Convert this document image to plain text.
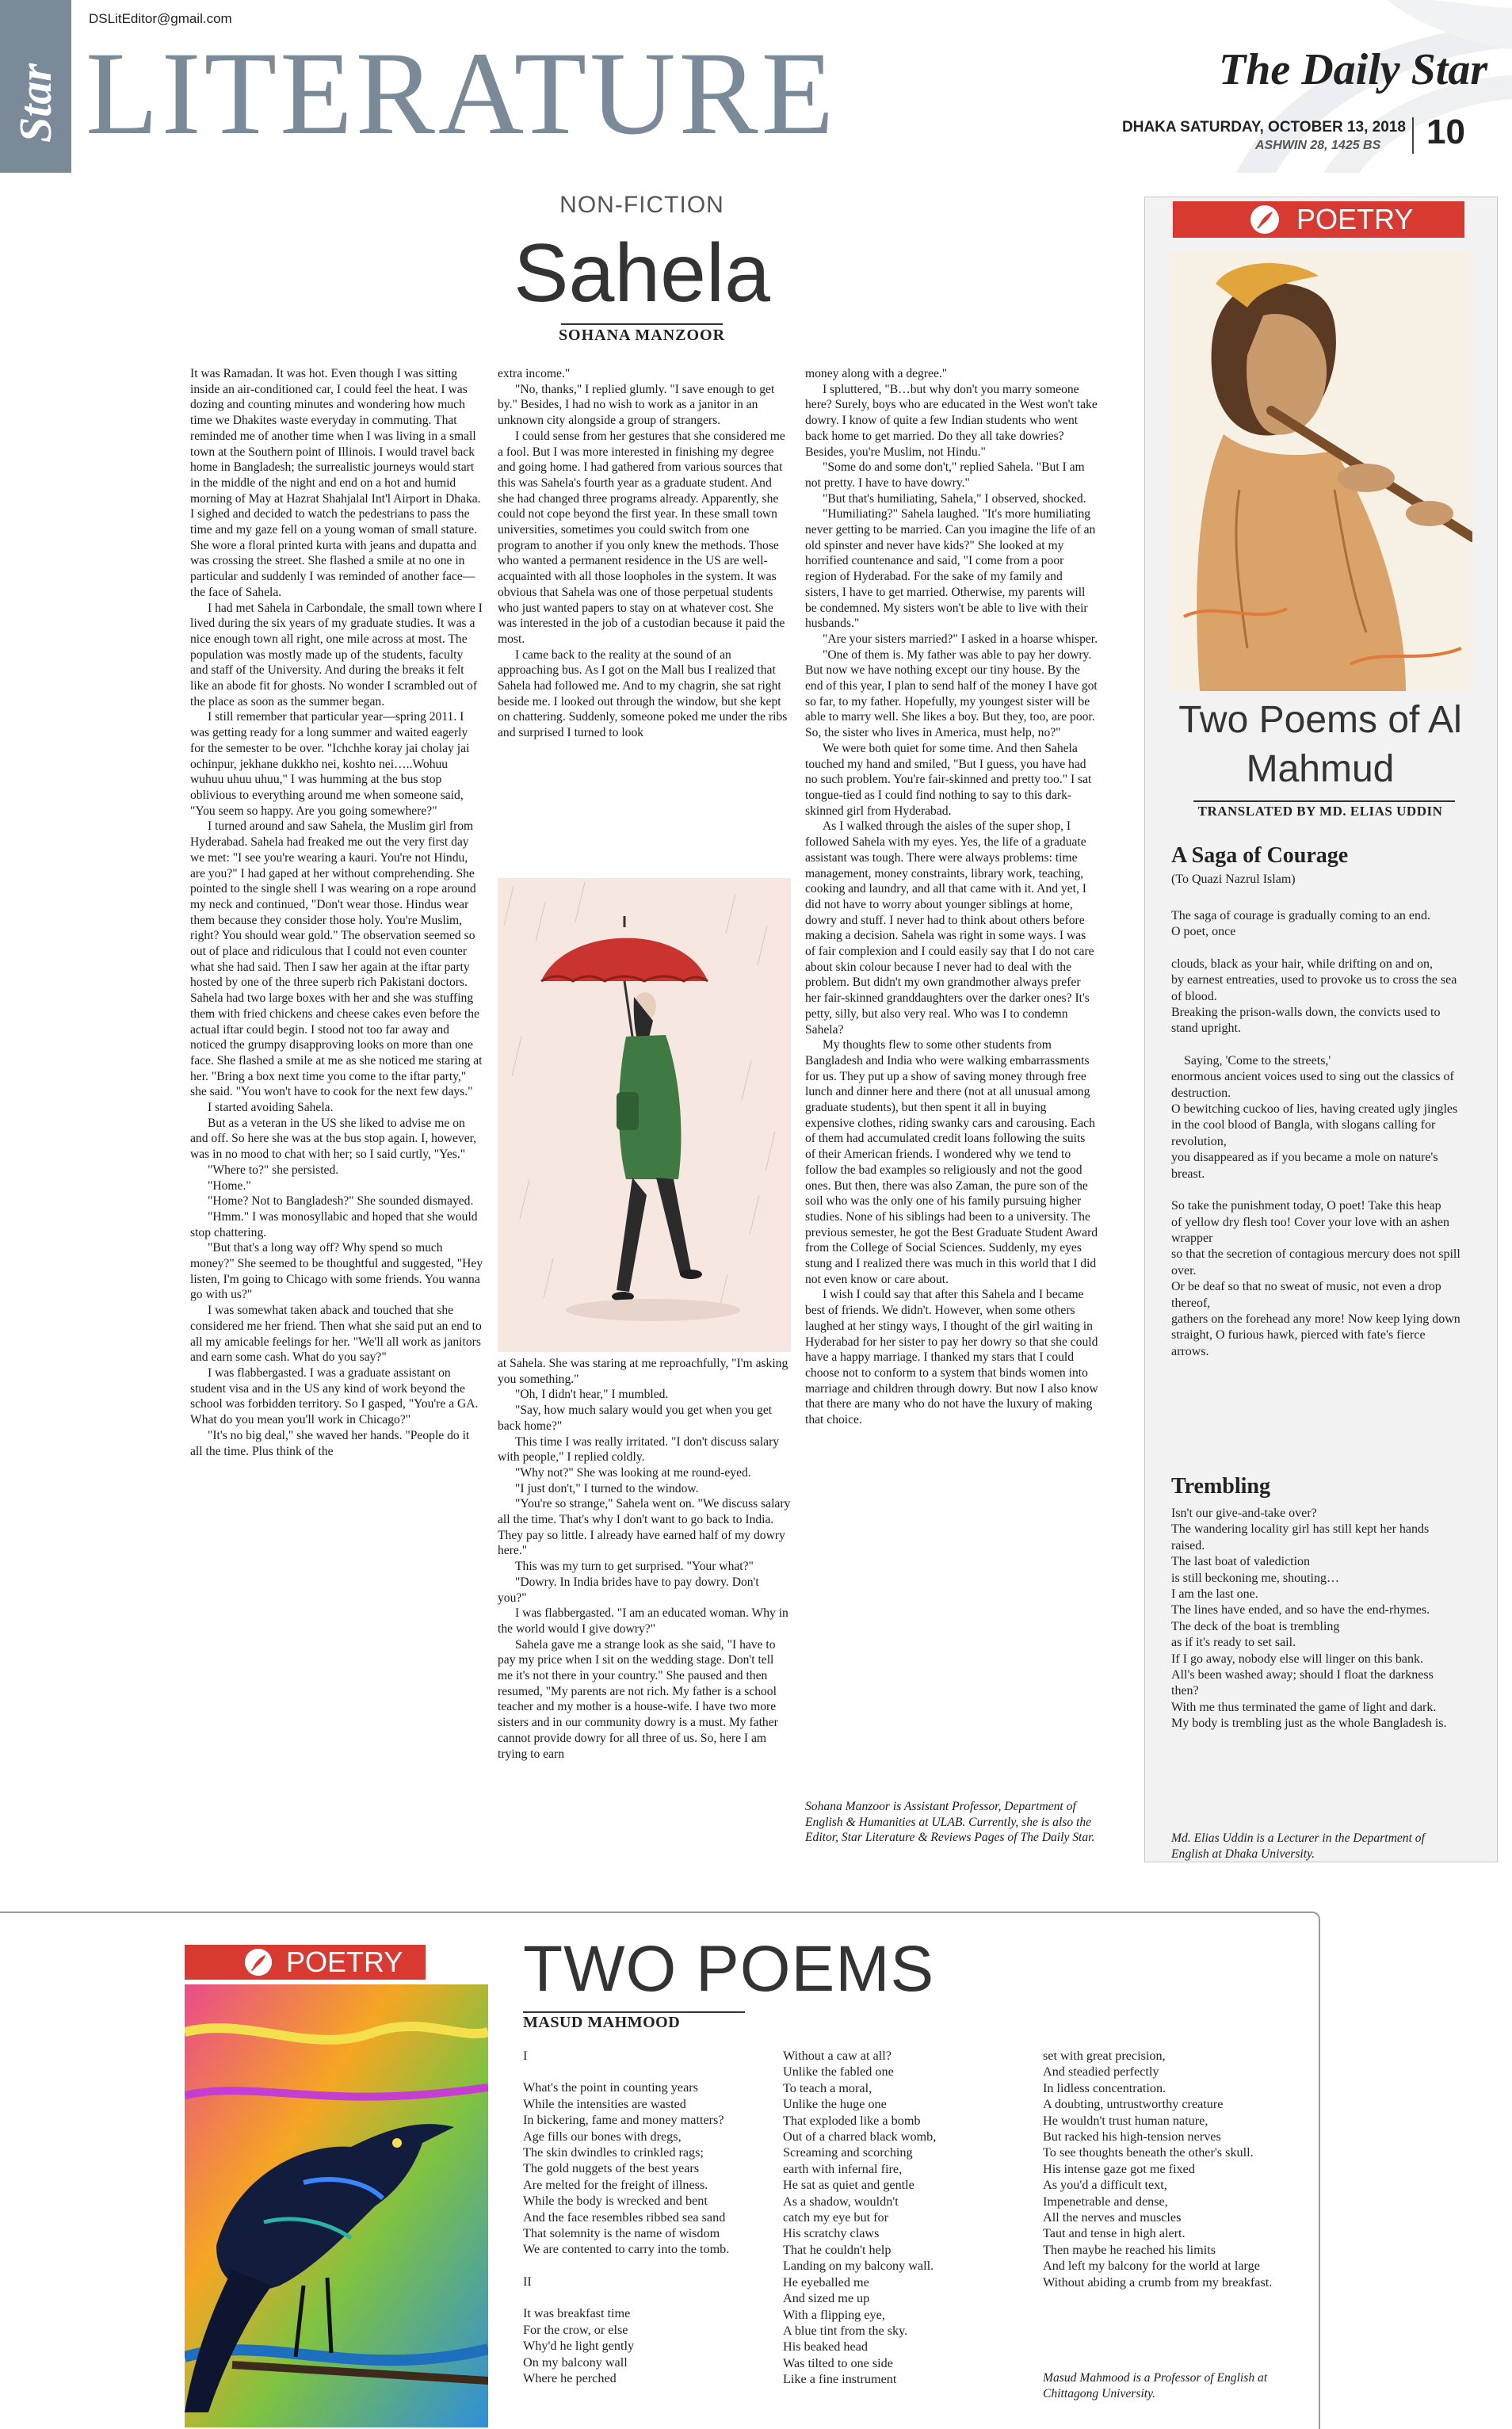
Star
DSLitEditor@gmail.com
LITERATURE	The Daily Star
DHAKA SATURDAY, OCTOBER 13, 2018
ASHWIN 28, 1425 BS 10
NON-FICTION
Sahela
SOHANA MANZOOR

It was Ramadan. It was hot. Even though I was sitting inside an air-conditioned car, I could feel the heat. I was dozing and counting minutes and wondering how much time we Dhakites waste everyday in commuting. That reminded me of another time when I was living in a small town at the Southern point of Illinois. I would travel back home in Bangladesh; the surrealistic journeys would start in the middle of the night and end on a hot and humid morning of May at Hazrat Shahjalal Int'l Airport in Dhaka. I sighed and decided to watch the pedestrians to pass the time and my gaze fell on a young woman of small stature. She wore a floral printed kurta with jeans and dupatta and was crossing the street. She flashed a smile at no one in particular and suddenly I was reminded of another face—the face of Sahela.

I had met Sahela in Carbondale, the small town where I lived during the six years of my graduate studies. It was a nice enough town all right, one mile across at most. The population was mostly made up of the students, faculty and staff of the University. And during the breaks it felt like an abode fit for ghosts. No wonder I scrambled out of the place as soon as the summer began.

I still remember that particular year—spring 2011. I was getting ready for a long summer and waited eagerly for the semester to be over. "Ichchhe koray jai cholay jai ochinpur, jekhane dukkho nei, koshto nei…..Wohuu wuhuu uhuu uhuu," I was humming at the bus stop oblivious to everything around me when someone said, "You seem so happy. Are you going somewhere?"

I turned around and saw Sahela, the Muslim girl from Hyderabad. Sahela had freaked me out the very first day we met: "I see you're wearing a kauri. You're not Hindu, are you?" I had gaped at her without comprehending. She pointed to the single shell I was wearing on a rope around my neck and continued, "Don't wear those. Hindus wear them because they consider those holy. You're Muslim, right? You should wear gold." The observation seemed so out of place and ridiculous that I could not even counter what she had said. Then I saw her again at the iftar party hosted by one of the three superb rich Pakistani doctors. Sahela had two large boxes with her and she was stuffing them with fried chickens and cheese cakes even before the actual iftar could begin. I stood not too far away and noticed the grumpy disapproving looks on more than one face. She flashed a smile at me as she noticed me staring at her. "Bring a box next time you come to the iftar party," she said. "You won't have to cook for the next few days."

I started avoiding Sahela.

But as a veteran in the US she liked to advise me on and off. So here she was at the bus stop again. I, however, was in no mood to chat with her; so I said curtly, "Yes."

"Where to?" she persisted.

"Home."

"Home? Not to Bangladesh?" She sounded dismayed.

"Hmm." I was monosyllabic and hoped that she would stop chattering.

"But that's a long way off? Why spend so much money?" She seemed to be thoughtful and suggested, "Hey listen, I'm going to Chicago with some friends. You wanna go with us?"

I was somewhat taken aback and touched that she considered me her friend. Then what she said put an end to all my amicable feelings for her. "We'll all work as janitors and earn some cash. What do you say?"

I was flabbergasted. I was a graduate assistant on student visa and in the US any kind of work beyond the school was forbidden territory. So I gasped, "You're a GA. What do you mean you'll work in Chicago?"

"It's no big deal," she waved her hands. "People do it all the time. Plus think of the

extra income."

"No, thanks," I replied glumly. "I save enough to get by." Besides, I had no wish to work as a janitor in an unknown city alongside a group of strangers.

I could sense from her gestures that she considered me a fool. But I was more interested in finishing my degree and going home. I had gathered from various sources that this was Sahela's fourth year as a graduate student. And she had changed three programs already. Apparently, she could not cope beyond the first year. In these small town universities, sometimes you could switch from one program to another if you only knew the methods. Those who wanted a permanent residence in the US are well-acquainted with all those loopholes in the system. It was obvious that Sahela was one of those perpetual students who just wanted papers to stay on at whatever cost. She was interested in the job of a custodian because it paid the most.

I came back to the reality at the sound of an approaching bus. As I got on the Mall bus I realized that Sahela had followed me. And to my chagrin, she sat right beside me. I looked out through the window, but she kept on chattering. Suddenly, someone poked me under the ribs and surprised I turned to look

at Sahela. She was staring at me reproachfully, "I'm asking you something."

"Oh, I didn't hear," I mumbled.

"Say, how much salary would you get when you get back home?"

This time I was really irritated. "I don't discuss salary with people," I replied coldly.

"Why not?" She was looking at me round-eyed.

"I just don't," I turned to the window.

"You're so strange," Sahela went on. "We discuss salary all the time. That's why I don't want to go back to India. They pay so little. I already have earned half of my dowry here."

This was my turn to get surprised. "Your what?"

"Dowry. In India brides have to pay dowry. Don't you?"

I was flabbergasted. "I am an educated woman. Why in the world would I give dowry?"

Sahela gave me a strange look as she said, "I have to pay my price when I sit on the wedding stage. Don't tell me it's not there in your country." She paused and then resumed, "My parents are not rich. My father is a school teacher and my mother is a house-wife. I have two more sisters and in our community dowry is a must. My father cannot provide dowry for all three of us. So, here I am trying to earn

money along with a degree."

I spluttered, "B…but why don't you marry someone here? Surely, boys who are educated in the West won't take dowry. I know of quite a few Indian students who went back home to get married. Do they all take dowries? Besides, you're Muslim, not Hindu."

"Some do and some don't," replied Sahela. "But I am not pretty. I have to have dowry."

"But that's humiliating, Sahela," I observed, shocked.

"Humiliating?" Sahela laughed. "It's more humiliating never getting to be married. Can you imagine the life of an old spinster and never have kids?" She looked at my horrified countenance and said, "I come from a poor region of Hyderabad. For the sake of my family and sisters, I have to get married. Otherwise, my parents will be condemned. My sisters won't be able to live with their husbands."

"Are your sisters married?" I asked in a hoarse whisper.

"One of them is. My father was able to pay her dowry. But now we have nothing except our tiny house. By the end of this year, I plan to send half of the money I have got so far, to my father. Hopefully, my youngest sister will be able to marry well. She likes a boy. But they, too, are poor. So, the sister who lives in America, must help, no?"

We were both quiet for some time. And then Sahela touched my hand and smiled, "But I guess, you have had no such problem. You're fair-skinned and pretty too." I sat tongue-tied as I could find nothing to say to this dark-skinned girl from Hyderabad.

As I walked through the aisles of the super shop, I followed Sahela with my eyes. Yes, the life of a graduate assistant was tough. There were always problems: time management, money constraints, library work, teaching, cooking and laundry, and all that came with it. And yet, I did not have to worry about younger siblings at home, dowry and stuff. I never had to think about others before making a decision. Sahela was right in some ways. I was of fair complexion and I could easily say that I do not care about skin colour because I never had to deal with the problem. But didn't my own grandmother always prefer her fair-skinned granddaughters over the darker ones? It's petty, silly, but also very real. Who was I to condemn Sahela?

My thoughts flew to some other students from Bangladesh and India who were walking embarrassments for us. They put up a show of saving money through free lunch and dinner here and there (not at all unusual among graduate students), but then spent it all in buying expensive clothes, riding swanky cars and carousing. Each of them had accumulated credit loans following the suits of their American friends. I wondered why we tend to follow the bad examples so religiously and not the good ones. But then, there was also Zaman, the pure son of the soil who was the only one of his family pursuing higher studies. None of his siblings had been to a university. The previous semester, he got the Best Graduate Student Award from the College of Social Sciences. Suddenly, my eyes stung and I realized there was much in this world that I did not even know or care about.

I wish I could say that after this Sahela and I became best of friends. We didn't. However, when some others laughed at her stingy ways, I thought of the girl waiting in Hyderabad for her sister to pay her dowry so that she could have a happy marriage. I thanked my stars that I could choose not to conform to a system that binds women into marriage and children through dowry. But now I also know that there are many who do not have the luxury of making that choice.

Sohana Manzoor is Assistant Professor, Department of English & Humanities at ULAB. Currently, she is also the Editor, Star Literature & Reviews Pages of The Daily Star.
POETRY
Two Poems of Al Mahmud
TRANSLATED BY MD. ELIAS UDDIN
A Saga of Courage
(To Quazi Nazrul Islam)

The saga of courage is gradually coming to an end.

O poet, once

clouds, black as your hair, while drifting on and on,

by earnest entreaties, used to provoke us to cross the sea of blood.

Breaking the prison-walls down, the convicts used to stand upright.

Saying, 'Come to the streets,'

enormous ancient voices used to sing out the classics of destruction.

O bewitching cuckoo of lies, having created ugly jingles

in the cool blood of Bangla, with slogans calling for revolution,

you disappeared as if you became a mole on nature's breast.

So take the punishment today, O poet! Take this heap

of yellow dry flesh too! Cover your love with an ashen wrapper

so that the secretion of contagious mercury does not spill over.

Or be deaf so that no sweat of music, not even a drop thereof,

gathers on the forehead any more! Now keep lying down

straight, O furious hawk, pierced with fate's fierce arrows.

Trembling

Isn't our give-and-take over?

The wandering locality girl has still kept her hands raised.

The last boat of valediction

is still beckoning me, shouting…

I am the last one.

The lines have ended, and so have the end-rhymes.

The deck of the boat is trembling

as if it's ready to set sail.

If I go away, nobody else will linger on this bank.

All's been washed away; should I float the darkness then?

With me thus terminated the game of light and dark.

My body is trembling just as the whole Bangladesh is.

Md. Elias Uddin is a Lecturer in the Department of English at Dhaka University.
POETRY	TWO POEMS
MASUD MAHMOOD

I

What's the point in counting years

While the intensities are wasted

In bickering, fame and money matters?

Age fills our bones with dregs,

The skin dwindles to crinkled rags;

The gold nuggets of the best years

Are melted for the freight of illness.

While the body is wrecked and bent

And the face resembles ribbed sea sand

That solemnity is the name of wisdom

We are contented to carry into the tomb.

II

It was breakfast time

For the crow, or else

Why'd he light gently

On my balcony wall

Where he perched

Without a caw at all?

Unlike the fabled one

To teach a moral,

Unlike the huge one

That exploded like a bomb

Out of a charred black womb,

Screaming and scorching

earth with infernal fire,

He sat as quiet and gentle

As a shadow, wouldn't

catch my eye but for

His scratchy claws

That he couldn't help

Landing on my balcony wall.

He eyeballed me

And sized me up

With a flipping eye,

A blue tint from the sky.

His beaked head

Was tilted to one side

Like a fine instrument

set with great precision,

And steadied perfectly

In lidless concentration.

A doubting, untrustworthy creature

He wouldn't trust human nature,

But racked his high-tension nerves

To see thoughts beneath the other's skull.

His intense gaze got me fixed

As you'd a difficult text,

Impenetrable and dense,

All the nerves and muscles

Taut and tense in high alert.

Then maybe he reached his limits

And left my balcony for the world at large

Without abiding a crumb from my breakfast.

Masud Mahmood is a Professor of English at Chittagong University.
